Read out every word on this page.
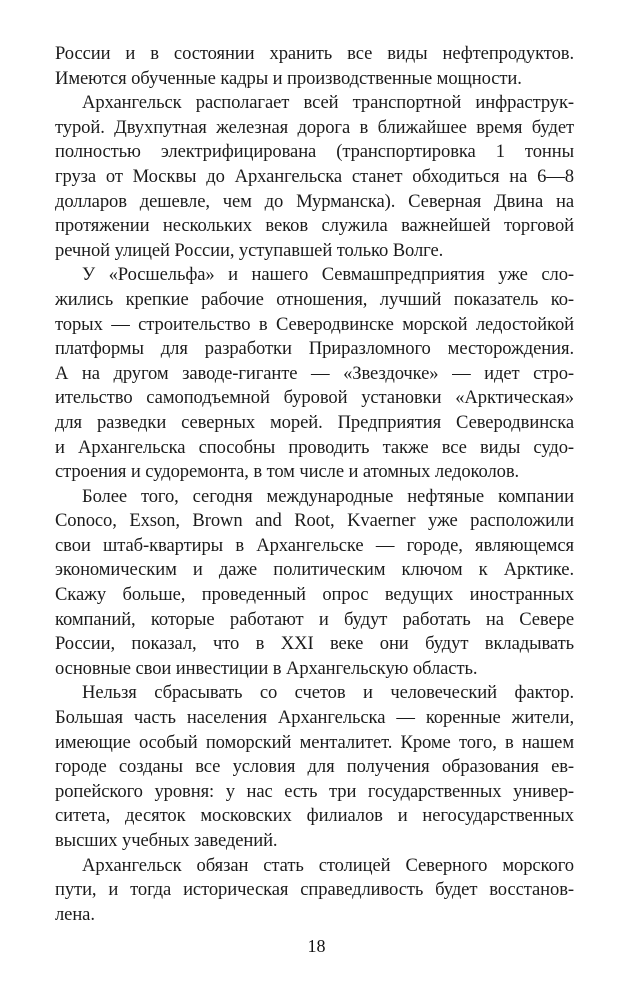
России и в состоянии хранить все виды нефтепродуктов.
Имеются обученные кадры и производственные мощности.
Архангельск располагает всей транспортной инфраструк-
турой. Двухпутная железная дорога в ближайшее время будет
полностью электрифицирована (транспортировка 1 тонны
груза от Москвы до Архангельска станет обходиться на 6—8
долларов дешевле, чем до Мурманска). Северная Двина на
протяжении нескольких веков служила важнейшей торговой
речной улицей России, уступавшей только Волге.
У «Росшельфа» и нашего Севмашпредприятия уже сло-
жились крепкие рабочие отношения, лучший показатель ко-
торых — строительство в Северодвинске морской ледостойкой
платформы для разработки Приразломного месторождения.
А на другом заводе-гиганте — «Звездочке» — идет стро-
ительство самоподъемной буровой установки «Арктическая»
для разведки северных морей. Предприятия Северодвинска
и Архангельска способны проводить также все виды судо-
строения и судоремонта, в том числе и атомных ледоколов.
Более того, сегодня международные нефтяные компании
Conoco, Exson, Brown and Root, Kvaerner уже расположили
свои штаб-квартиры в Архангельске — городе, являющемся
экономическим и даже политическим ключом к Арктике.
Скажу больше, проведенный опрос ведущих иностранных
компаний, которые работают и будут работать на Севере
России, показал, что в XXI веке они будут вкладывать
основные свои инвестиции в Архангельскую область.
Нельзя сбрасывать со счетов и человеческий фактор.
Большая часть населения Архангельска — коренные жители,
имеющие особый поморский менталитет. Кроме того, в нашем
городе созданы все условия для получения образования ев-
ропейского уровня: у нас есть три государственных универ-
ситета, десяток московских филиалов и негосударственных
высших учебных заведений.
Архангельск обязан стать столицей Северного морского
пути, и тогда историческая справедливость будет восстанов-
лена.
18
